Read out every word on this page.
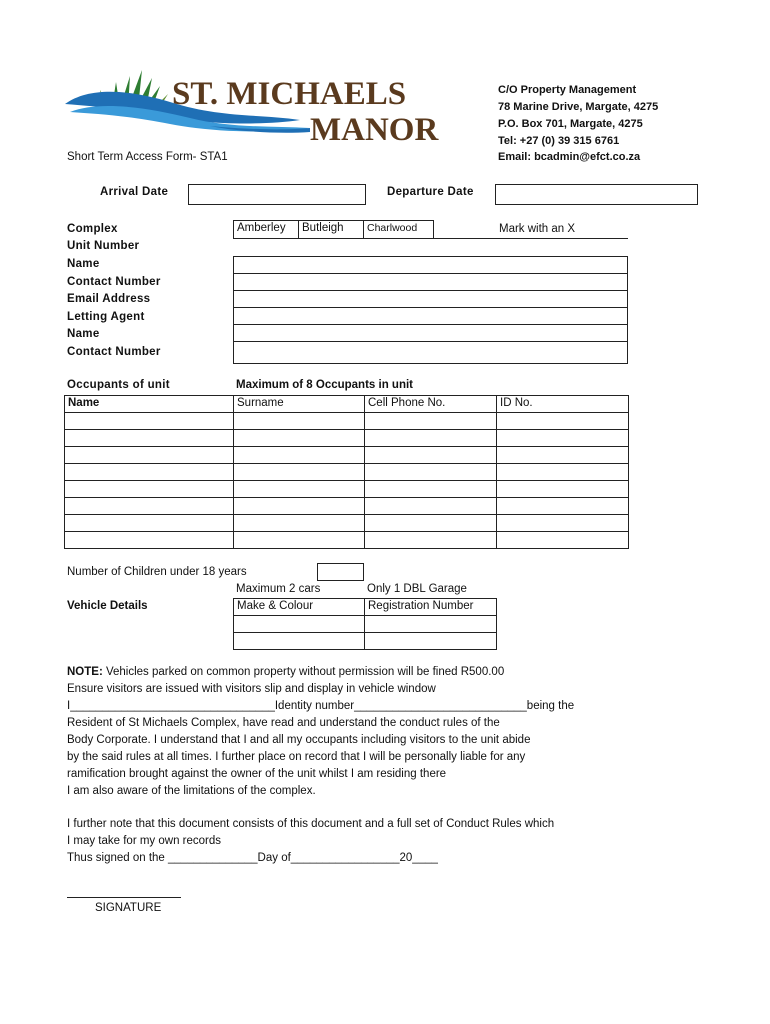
ST. MICHAELS
MANOR
Short Term Access Form- STA1
C/O Property Management
78 Marine Drive, Margate, 4275
P.O. Box 701, Margate, 4275
Tel: +27 (0) 39 315 6761
Email: bcadmin@efct.co.za
Arrival Date	Departure Date
Complex
Unit Number
Name
Contact Number
Email Address
Letting Agent
Name
Contact Number
Amberley	Butleigh	Charlwood	Mark with an X
Occupants of unit	Maximum of 8 Occupants in unit
Name	Surname	Cell Phone No.	ID No.
Number of Children under 18 years
Maximum 2 cars	Only 1 DBL Garage
Vehicle Details	Make & Colour	Registration Number
NOTE: Vehicles parked on common property without permission will be fined R500.00
Ensure visitors are issued with visitors slip and display in vehicle window
I________________________________Identity number___________________________being the
Resident of St Michaels Complex, have read and understand the conduct rules of the
Body Corporate. I understand that I and all my occupants including visitors to the unit abide
by the said rules at all times. I further place on record that I will be personally liable for any
ramification brought against the owner of the unit whilst I am residing there
I am also aware of the limitations of the complex.
I further note that this document consists of this document and a full set of Conduct Rules which
I may take for my own records
Thus signed on the ______________Day of_________________20____
SIGNATURE
